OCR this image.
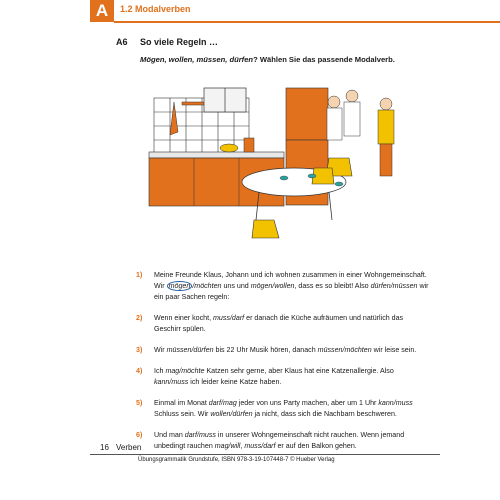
A	1.2 Modalverben
A6 So viele Regeln …
Mögen, wollen, müssen, dürfen? Wählen Sie das passende Modalverb.
1) Meine Freunde Klaus, Johann und ich wohnen zusammen in einer Wohngemeinschaft. Wir mögen /möchten uns und mögen/wollen, dass es so bleibt! Also dürfen/müssen wir ein paar Sachen regeln:
2) Wenn einer kocht, muss/darf er danach die Küche aufräumen und natürlich das Geschirr spülen.
3) Wir müssen/dürfen bis 22 Uhr Musik hören, danach müssen/möchten wir leise sein.
4) Ich mag/möchte Katzen sehr gerne, aber Klaus hat eine Katzenallergie. Also kann/muss ich leider keine Katze haben.
5) Einmal im Monat darf/mag jeder von uns Party machen, aber um 1 Uhr kann/muss Schluss sein. Wir wollen/dürfen ja nicht, dass sich die Nachbarn beschweren.
6) Und man darf/muss in unserer Wohngemeinschaft nicht rauchen. Wenn jemand unbedingt rauchen mag/will, muss/darf er auf den Balkon gehen.
16 Verben
Übungsgrammatik Grundstufe, ISBN 978-3-19-107448-7 © Hueber Verlag
